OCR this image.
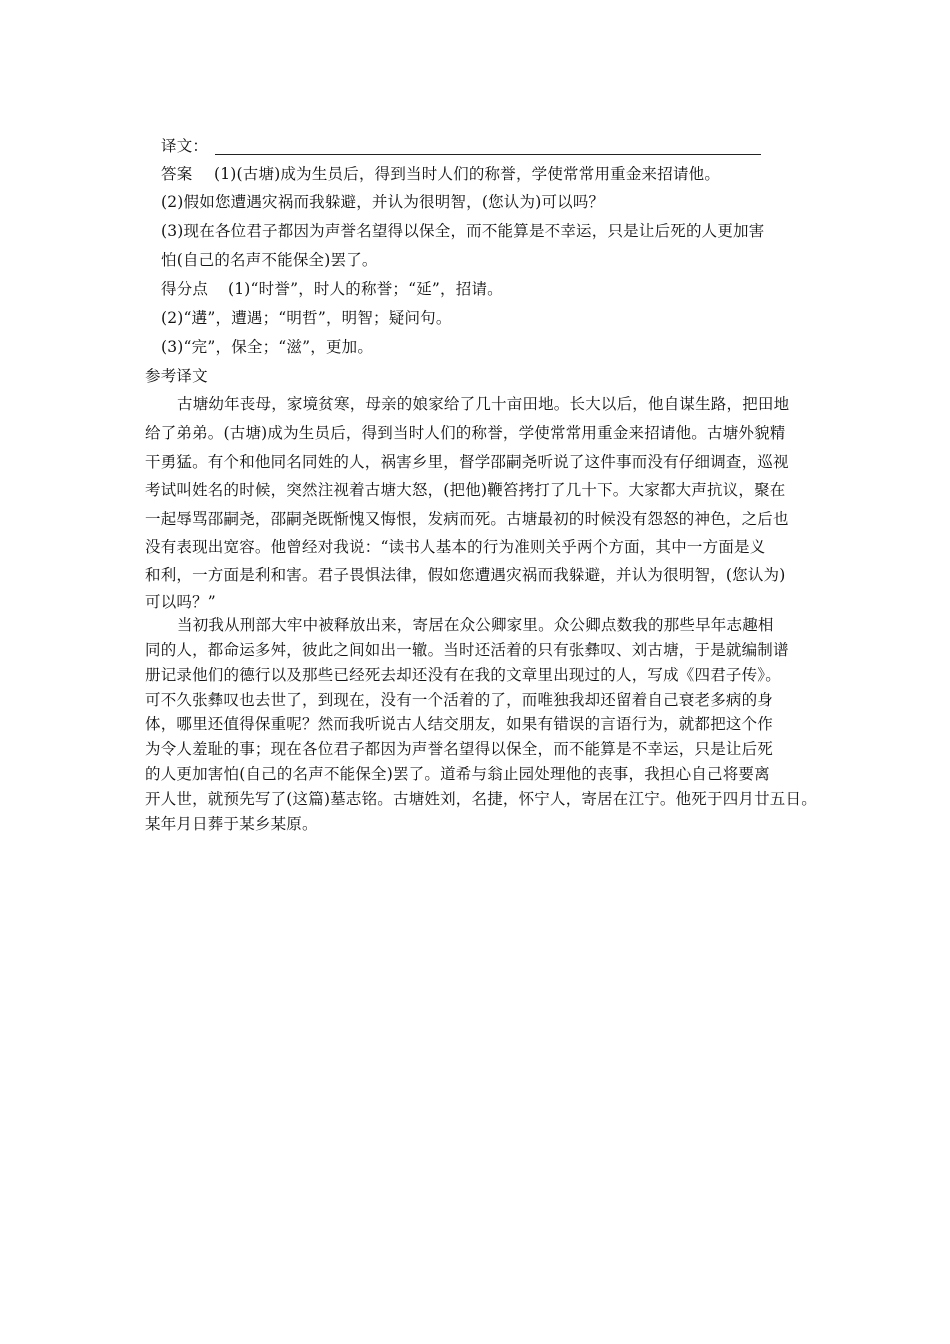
译文：
答案 (1)(古塘)成为生员后，得到当时人们的称誉，学使常常用重金来招请他。
(2)假如您遭遇灾祸而我躲避，并认为很明智，(您认为)可以吗？
(3)现在各位君子都因为声誉名望得以保全，而不能算是不幸运，只是让后死的人更加害
怕(自己的名声不能保全)罢了。
得分点 (1)“时誉”，时人的称誉；“延”，招请。
(2)“遘”，遭遇；“明哲”，明智；疑问句。
(3)“完”，保全；“滋”，更加。
参考译文
古塘幼年丧母，家境贫寒，母亲的娘家给了几十亩田地。长大以后，他自谋生路，把田地
给了弟弟。(古塘)成为生员后，得到当时人们的称誉，学使常常用重金来招请他。古塘外貌精
干勇猛。有个和他同名同姓的人，祸害乡里，督学邵嗣尧听说了这件事而没有仔细调查，巡视
考试叫姓名的时候，突然注视着古塘大怒，(把他)鞭笞拷打了几十下。大家都大声抗议，聚在
一起辱骂邵嗣尧，邵嗣尧既惭愧又悔恨，发病而死。古塘最初的时候没有怨怒的神色，之后也
没有表现出宽容。他曾经对我说：“读书人基本的行为准则关乎两个方面，其中一方面是义
和利，一方面是利和害。君子畏惧法律，假如您遭遇灾祸而我躲避，并认为很明智，(您认为)
可以吗？”
当初我从刑部大牢中被释放出来，寄居在众公卿家里。众公卿点数我的那些早年志趣相
同的人，都命运多舛，彼此之间如出一辙。当时还活着的只有张彝叹、刘古塘，于是就编制谱
册记录他们的德行以及那些已经死去却还没有在我的文章里出现过的人，写成《四君子传》。
可不久张彝叹也去世了，到现在，没有一个活着的了，而唯独我却还留着自己衰老多病的身
体，哪里还值得保重呢？然而我听说古人结交朋友，如果有错误的言语行为，就都把这个作
为令人羞耻的事；现在各位君子都因为声誉名望得以保全，而不能算是不幸运，只是让后死
的人更加害怕(自己的名声不能保全)罢了。道希与翁止园处理他的丧事，我担心自己将要离
开人世，就预先写了(这篇)墓志铭。古塘姓刘，名捷，怀宁人，寄居在江宁。他死于四月廿五日。
某年月日葬于某乡某原。
